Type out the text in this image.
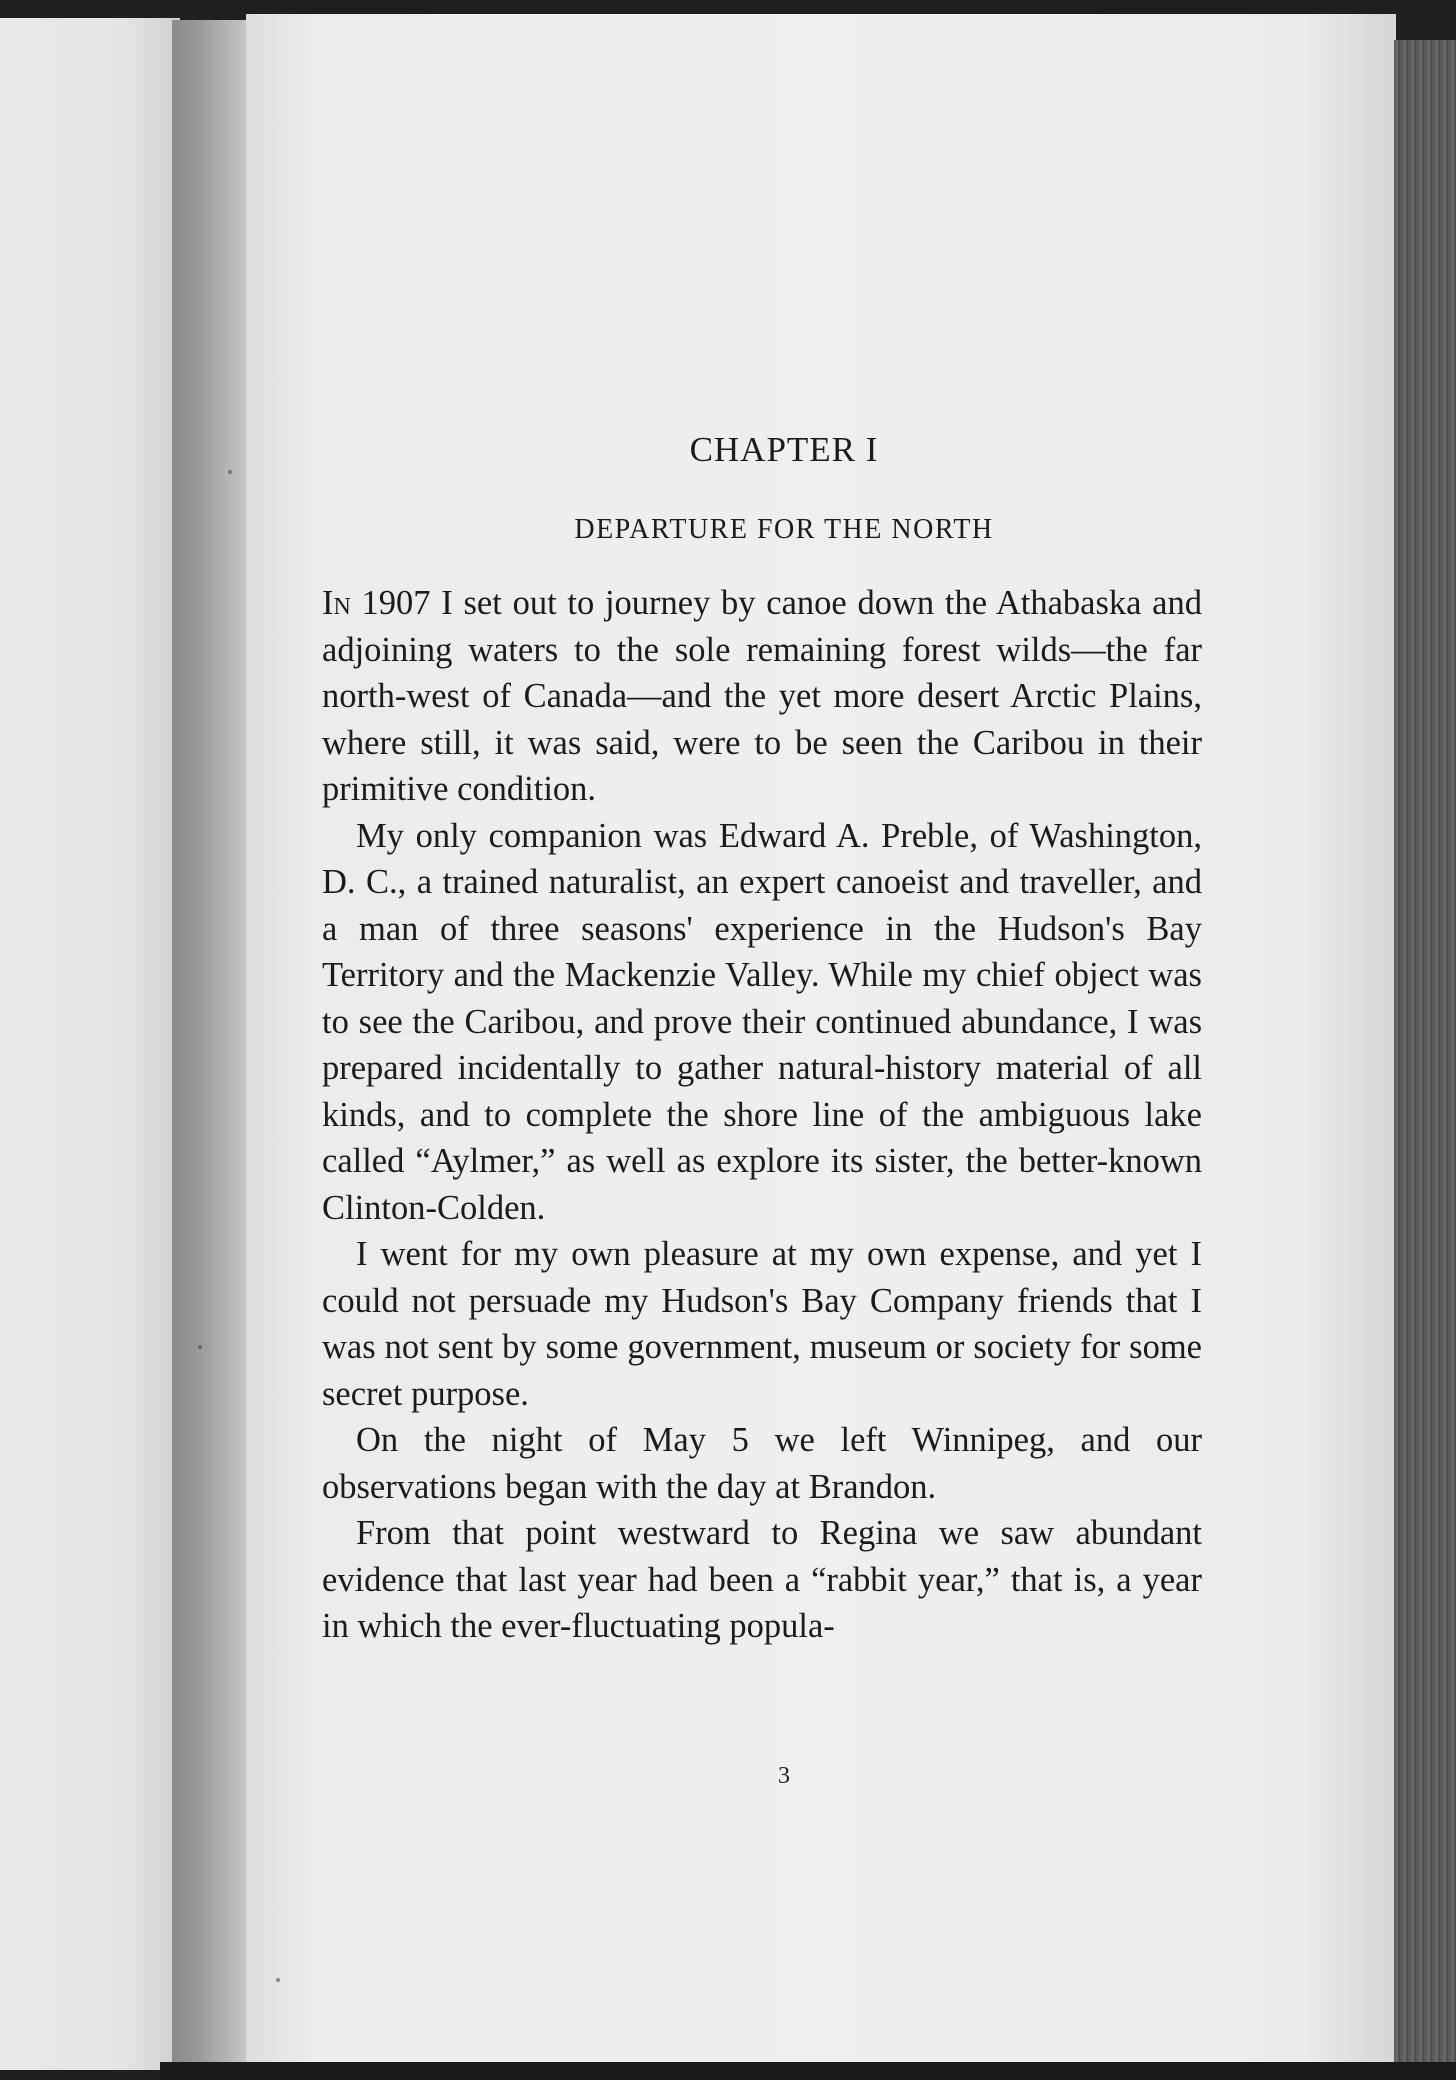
CHAPTER I
DEPARTURE FOR THE NORTH

In 1907 I set out to journey by canoe down the Athabaska and adjoining waters to the sole remaining forest wilds—the far north-west of Canada—and the yet more desert Arctic Plains, where still, it was said, were to be seen the Caribou in their primitive condition.

My only companion was Edward A. Preble, of Washington, D. C., a trained naturalist, an expert canoeist and traveller, and a man of three seasons' experience in the Hudson's Bay Territory and the Mackenzie Valley. While my chief object was to see the Caribou, and prove their continued abundance, I was prepared incidentally to gather natural-history material of all kinds, and to complete the shore line of the ambiguous lake called “Aylmer,” as well as explore its sister, the better-known Clinton-Colden.

I went for my own pleasure at my own expense, and yet I could not persuade my Hudson's Bay Company friends that I was not sent by some government, museum or society for some secret purpose.

On the night of May 5 we left Winnipeg, and our observations began with the day at Brandon.

From that point westward to Regina we saw abundant evidence that last year had been a “rabbit year,” that is, a year in which the ever-fluctuating popula-

3
